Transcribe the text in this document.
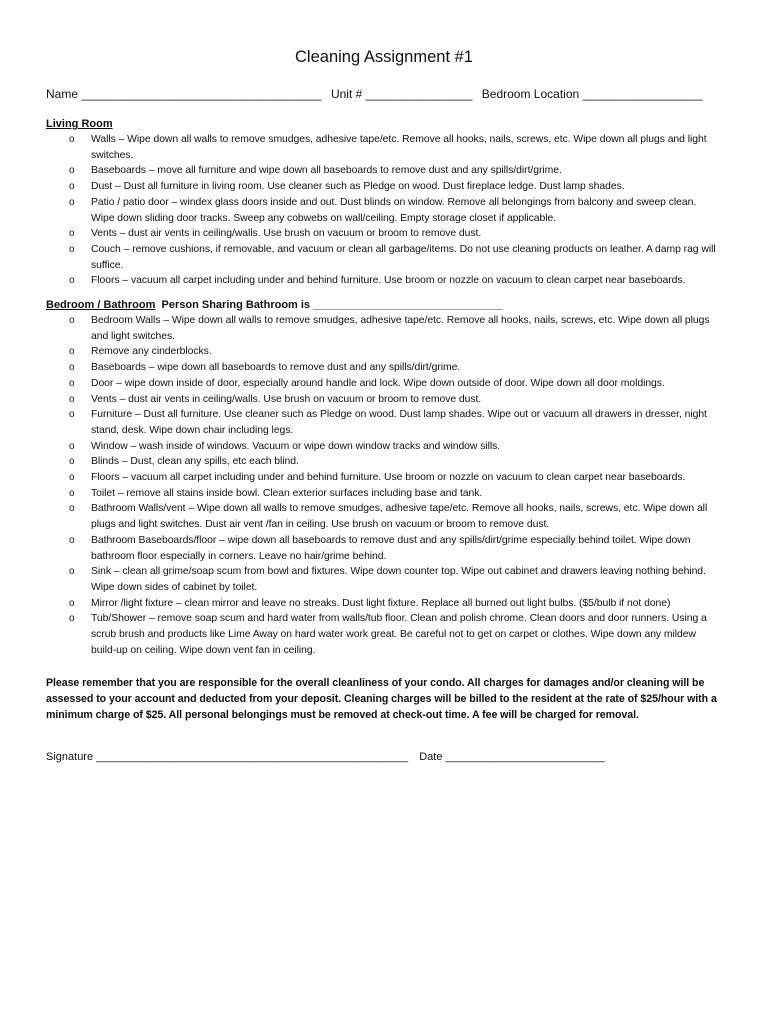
Cleaning Assignment #1
Name ____________________________________ Unit # ________________ Bedroom Location __________________
Living Room
o Walls – Wipe down all walls to remove smudges, adhesive tape/etc. Remove all hooks, nails, screws, etc. Wipe down all plugs and light switches.
o Baseboards – move all furniture and wipe down all baseboards to remove dust and any spills/dirt/grime.
o Dust – Dust all furniture in living room. Use cleaner such as Pledge on wood. Dust fireplace ledge. Dust lamp shades.
o Patio / patio door – windex glass doors inside and out. Dust blinds on window. Remove all belongings from balcony and sweep clean. Wipe down sliding door tracks. Sweep any cobwebs on wall/ceiling. Empty storage closet if applicable.
o Vents – dust air vents in ceiling/walls. Use brush on vacuum or broom to remove dust.
o Couch – remove cushions, if removable, and vacuum or clean all garbage/items. Do not use cleaning products on leather. A damp rag will suffice.
o Floors – vacuum all carpet including under and behind furniture. Use broom or nozzle on vacuum to clean carpet near baseboards.
Bedroom / Bathroom  Person Sharing Bathroom is _______________________________
o Bedroom Walls – Wipe down all walls to remove smudges, adhesive tape/etc. Remove all hooks, nails, screws, etc. Wipe down all plugs and light switches.
o Remove any cinderblocks.
o Baseboards – wipe down all baseboards to remove dust and any spills/dirt/grime.
o Door – wipe down inside of door, especially around handle and lock. Wipe down outside of door. Wipe down all door moldings.
o Vents – dust air vents in ceiling/walls. Use brush on vacuum or broom to remove dust.
o Furniture – Dust all furniture. Use cleaner such as Pledge on wood. Dust lamp shades. Wipe out or vacuum all drawers in dresser, night stand, desk. Wipe down chair including legs.
o Window – wash inside of windows. Vacuum or wipe down window tracks and window sills.
o Blinds – Dust, clean any spills, etc each blind.
o Floors – vacuum all carpet including under and behind furniture. Use broom or nozzle on vacuum to clean carpet near baseboards.
o Toilet – remove all stains inside bowl. Clean exterior surfaces including base and tank.
o Bathroom Walls/vent – Wipe down all walls to remove smudges, adhesive tape/etc. Remove all hooks, nails, screws, etc. Wipe down all plugs and light switches. Dust air vent /fan in ceiling. Use brush on vacuum or broom to remove dust.
o Bathroom Baseboards/floor – wipe down all baseboards to remove dust and any spills/dirt/grime especially behind toilet. Wipe down bathroom floor especially in corners. Leave no hair/grime behind.
o Sink – clean all grime/soap scum from bowl and fixtures. Wipe down counter top. Wipe out cabinet and drawers leaving nothing behind. Wipe down sides of cabinet by toilet.
o Mirror /light fixture – clean mirror and leave no streaks. Dust light fixture. Replace all burned out light bulbs. ($5/bulb if not done)
o Tub/Shower – remove soap scum and hard water from walls/tub floor. Clean and polish chrome. Clean doors and door runners. Using a scrub brush and products like Lime Away on hard water work great. Be careful not to get on carpet or clothes. Wipe down any mildew build-up on ceiling. Wipe down vent fan in ceiling.

Please remember that you are responsible for the overall cleanliness of your condo. All charges for damages and/or cleaning will be assessed to your account and deducted from your deposit. Cleaning charges will be billed to the resident at the rate of $25/hour with a minimum charge of $25. All personal belongings must be removed at check-out time. A fee will be charged for removal.

Signature ___________________________________________________ Date __________________________
